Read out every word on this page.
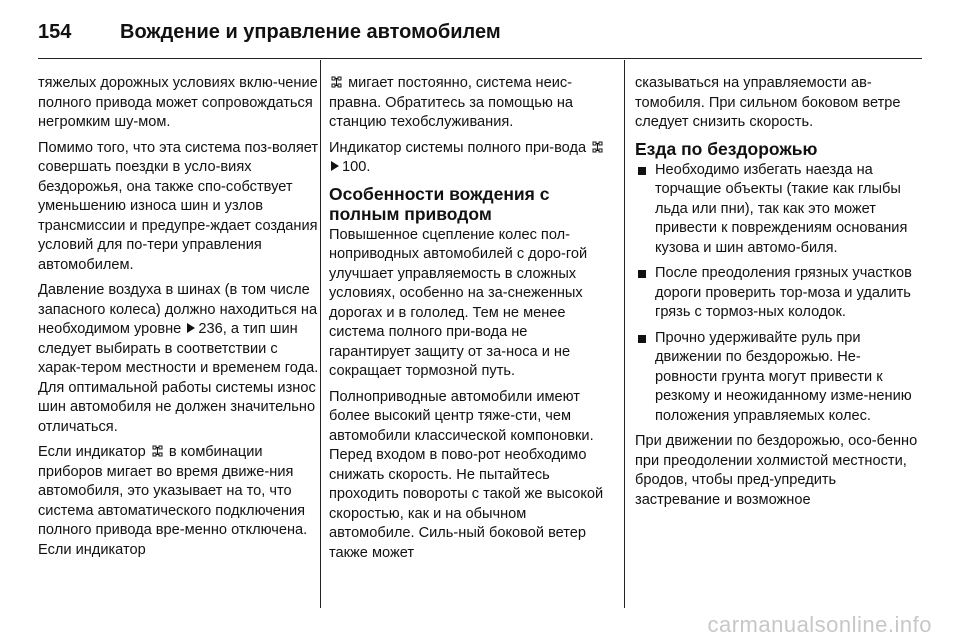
154	Вождение и управление автомобилем

тяжелых дорожных условиях вклю-чение полного привода может сопровождаться негромким шу-мом.

Помимо того, что эта система поз-воляет совершать поездки в усло-виях бездорожья, она также спо-собствует уменьшению износа шин и узлов трансмиссии и предупре-ждает создания условий для по-тери управления автомобилем.

Давление воздуха в шинах (в том числе запасного колеса) должно находиться на необходимом уровне 236, а тип шин следует выбирать в соответствии с харак-тером местности и временем года. Для оптимальной работы системы износ шин автомобиля не должен значительно отличаться.

Если индикатор в комбинации приборов мигает во время движе-ния автомобиля, это указывает на то, что система автоматического подключения полного привода вре-менно отключена. Если индикатор

мигает постоянно, система неис-правна. Обратитесь за помощью на станцию техобслуживания.

Индикатор системы полного при-вода  100.

Особенности вождения с полным приводом

Повышенное сцепление колес пол-ноприводных автомобилей с доро-гой улучшает управляемость в сложных условиях, особенно на за-снеженных дорогах и в гололед. Тем не менее система полного при-вода не гарантирует защиту от за-носа и не сокращает тормозной путь.

Полноприводные автомобили имеют более высокий центр тяже-сти, чем автомобили классической компоновки. Перед входом в пово-рот необходимо снижать скорость. Не пытайтесь проходить повороты с такой же высокой скоростью, как и на обычном автомобиле. Силь-ный боковой ветер также может

сказываться на управляемости ав-томобиля. При сильном боковом ветре следует снизить скорость.

Езда по бездорожью
Необходимо избегать наезда на торчащие объекты (такие как глыбы льда или пни), так как это может привести к повреждениям основания кузова и шин автомо-биля.
После преодоления грязных участков дороги проверить тор-моза и удалить грязь с тормоз-ных колодок.
Прочно удерживайте руль при движении по бездорожью. Не-ровности грунта могут привести к резкому и неожиданному изме-нению положения управляемых колес.

При движении по бездорожью, осо-бенно при преодолении холмистой местности, бродов, чтобы пред-упредить застревание и возможное

carmanualsonline.info
